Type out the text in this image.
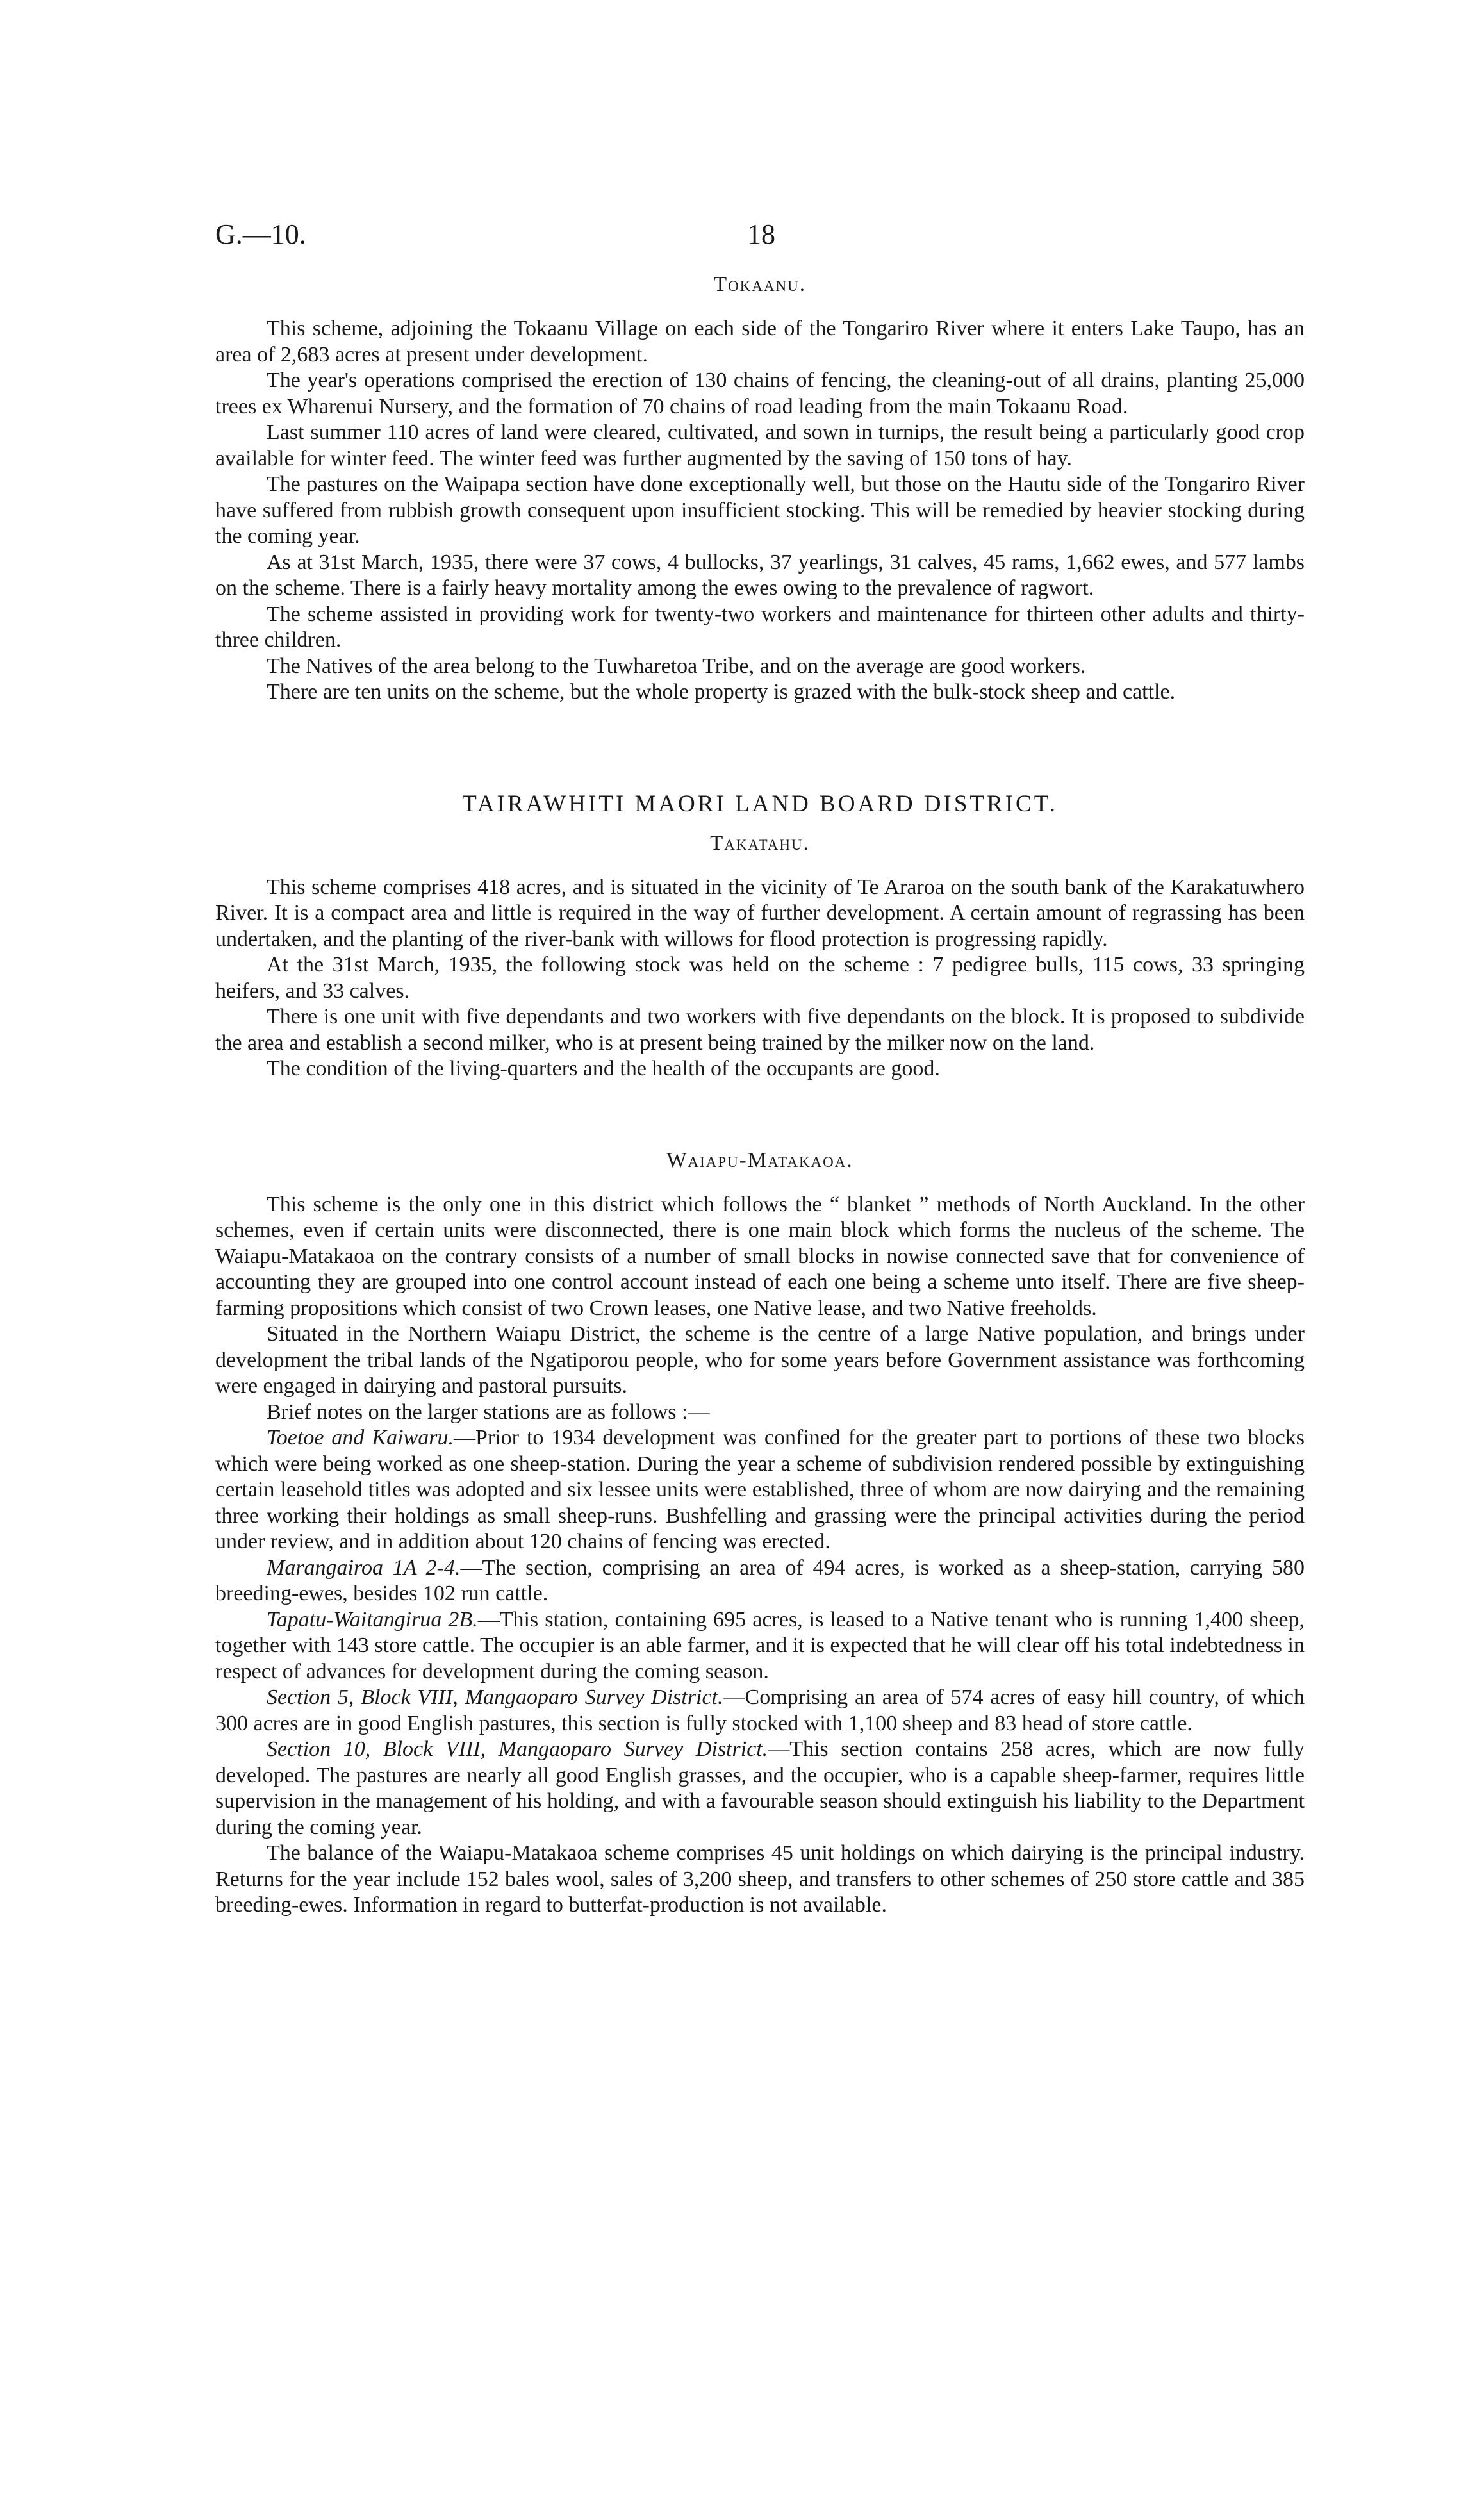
G.—10.	18
Tokaanu.

This scheme, adjoining the Tokaanu Village on each side of the Tongariro River where it enters Lake Taupo, has an area of 2,683 acres at present under development.

The year's operations comprised the erection of 130 chains of fencing, the cleaning-out of all drains, planting 25,000 trees ex Wharenui Nursery, and the formation of 70 chains of road leading from the main Tokaanu Road.

Last summer 110 acres of land were cleared, cultivated, and sown in turnips, the result being a particularly good crop available for winter feed. The winter feed was further augmented by the saving of 150 tons of hay.

The pastures on the Waipapa section have done exceptionally well, but those on the Hautu side of the Tongariro River have suffered from rubbish growth consequent upon insufficient stocking. This will be remedied by heavier stocking during the coming year.

As at 31st March, 1935, there were 37 cows, 4 bullocks, 37 yearlings, 31 calves, 45 rams, 1,662 ewes, and 577 lambs on the scheme. There is a fairly heavy mortality among the ewes owing to the prevalence of ragwort.

The scheme assisted in providing work for twenty-two workers and maintenance for thirteen other adults and thirty-three children.

The Natives of the area belong to the Tuwharetoa Tribe, and on the average are good workers.

There are ten units on the scheme, but the whole property is grazed with the bulk-stock sheep and cattle.

TAIRAWHITI MAORI LAND BOARD DISTRICT.
Takatahu.

This scheme comprises 418 acres, and is situated in the vicinity of Te Araroa on the south bank of the Karakatuwhero River. It is a compact area and little is required in the way of further development. A certain amount of regrassing has been undertaken, and the planting of the river-bank with willows for flood protection is progressing rapidly.

At the 31st March, 1935, the following stock was held on the scheme : 7 pedigree bulls, 115 cows, 33 springing heifers, and 33 calves.

There is one unit with five dependants and two workers with five dependants on the block. It is proposed to subdivide the area and establish a second milker, who is at present being trained by the milker now on the land.

The condition of the living-quarters and the health of the occupants are good.

Waiapu-Matakaoa.

This scheme is the only one in this district which follows the “ blanket ” methods of North Auckland. In the other schemes, even if certain units were disconnected, there is one main block which forms the nucleus of the scheme. The Waiapu-Matakaoa on the contrary consists of a number of small blocks in nowise connected save that for convenience of accounting they are grouped into one control account instead of each one being a scheme unto itself. There are five sheep-farming propositions which consist of two Crown leases, one Native lease, and two Native freeholds.

Situated in the Northern Waiapu District, the scheme is the centre of a large Native population, and brings under development the tribal lands of the Ngatiporou people, who for some years before Government assistance was forthcoming were engaged in dairying and pastoral pursuits.

Brief notes on the larger stations are as follows :—

Toetoe and Kaiwaru.—Prior to 1934 development was confined for the greater part to portions of these two blocks which were being worked as one sheep-station. During the year a scheme of subdivision rendered possible by extinguishing certain leasehold titles was adopted and six lessee units were established, three of whom are now dairying and the remaining three working their holdings as small sheep-runs. Bushfelling and grassing were the principal activities during the period under review, and in addition about 120 chains of fencing was erected.

Marangairoa 1A 2-4.—The section, comprising an area of 494 acres, is worked as a sheep-station, carrying 580 breeding-ewes, besides 102 run cattle.

Tapatu-Waitangirua 2B.—This station, containing 695 acres, is leased to a Native tenant who is running 1,400 sheep, together with 143 store cattle. The occupier is an able farmer, and it is expected that he will clear off his total indebtedness in respect of advances for development during the coming season.

Section 5, Block VIII, Mangaoparo Survey District.—Comprising an area of 574 acres of easy hill country, of which 300 acres are in good English pastures, this section is fully stocked with 1,100 sheep and 83 head of store cattle.

Section 10, Block VIII, Mangaoparo Survey District.—This section contains 258 acres, which are now fully developed. The pastures are nearly all good English grasses, and the occupier, who is a capable sheep-farmer, requires little supervision in the management of his holding, and with a favourable season should extinguish his liability to the Department during the coming year.

The balance of the Waiapu-Matakaoa scheme comprises 45 unit holdings on which dairying is the principal industry. Returns for the year include 152 bales wool, sales of 3,200 sheep, and transfers to other schemes of 250 store cattle and 385 breeding-ewes. Information in regard to butterfat-production is not available.
